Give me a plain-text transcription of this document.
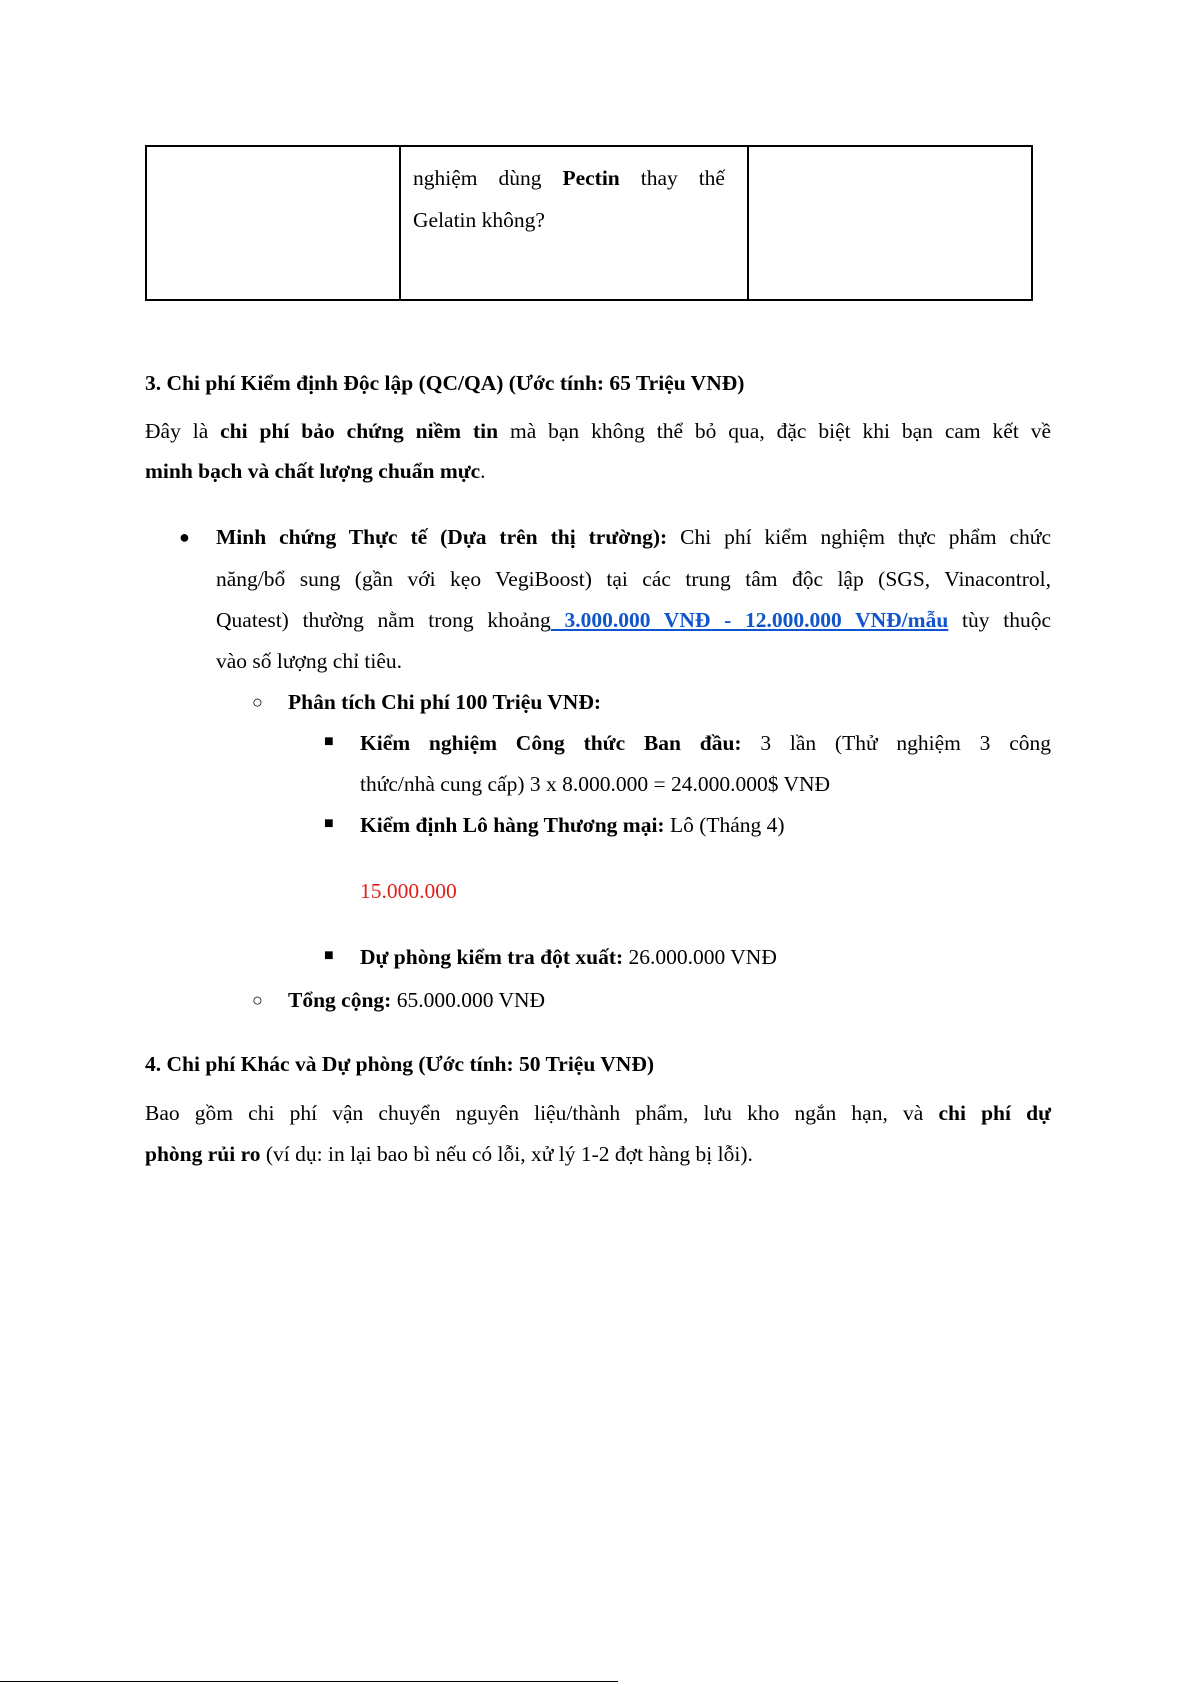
nghiệm dùng Pectin thay thế
Gelatin không?
3. Chi phí Kiểm định Độc lập (QC/QA) (Ước tính: 65 Triệu VNĐ)
Đây là chi phí bảo chứng niềm tin mà bạn không thể bỏ qua, đặc biệt khi bạn cam kết về
minh bạch và chất lượng chuẩn mực.
● Minh chứng Thực tế (Dựa trên thị trường): Chi phí kiểm nghiệm thực phẩm chức
năng/bổ sung (gần với kẹo VegiBoost) tại các trung tâm độc lập (SGS, Vinacontrol,
Quatest) thường nằm trong khoảng 3.000.000 VNĐ - 12.000.000 VNĐ/mẫu tùy thuộc
vào số lượng chỉ tiêu.
○ Phân tích Chi phí 100 Triệu VNĐ:
■ Kiểm nghiệm Công thức Ban đầu: 3 lần (Thử nghiệm 3 công
thức/nhà cung cấp) 3 x 8.000.000 = 24.000.000$ VNĐ
■ Kiểm định Lô hàng Thương mại: Lô (Tháng 4)
15.000.000
■ Dự phòng kiểm tra đột xuất: 26.000.000 VNĐ
○ Tổng cộng: 65.000.000 VNĐ
4. Chi phí Khác và Dự phòng (Ước tính: 50 Triệu VNĐ)
Bao gồm chi phí vận chuyển nguyên liệu/thành phẩm, lưu kho ngắn hạn, và chi phí dự
phòng rủi ro (ví dụ: in lại bao bì nếu có lỗi, xử lý 1-2 đợt hàng bị lỗi).
